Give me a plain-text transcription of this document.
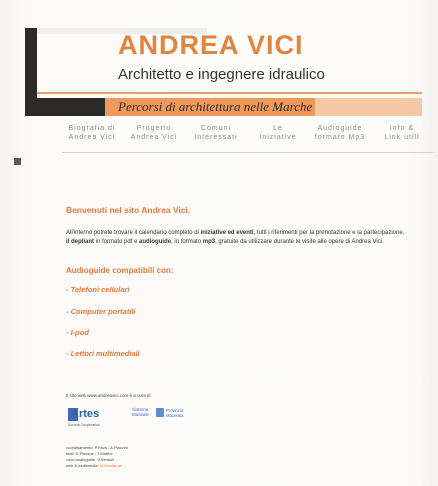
ANDREA VICI
Architetto e ingegnere idraulico
Percorsi di architettura nelle Marche
Biografia di
Andrea Vici
Progetto
Andrea Vici
Comuni
Interessati
Le
Iniziative
Audioguide
formato Mp3
Info &
Link utili
Benvenuti nel sito Andrea Vici.
All'interno potrete trovare il calendario completo di iniziative ed eventi, tutti i riferimenti per la prenotazione e la partecipazione, il depliant in formato pdf e audioguide, in formato mp3, gratuite da utilizzare durante le visite alle opere di Andrea Vici.
Audioguide compatibili con:
- Telefoni cellulari
- Computer portatili
- I-pod
- Lettori multimediali
Il sito web www.andreavici.com è a cura di
Artes
Società Cooperativa
Sistema
Museale
Provincia
Macerata
coordinamento: P.Fava - A.Piazzini
testi: G.Fiscone - T.Martini
voce audioguide: V.Sensoli
web & multimedia: M.Montanari
